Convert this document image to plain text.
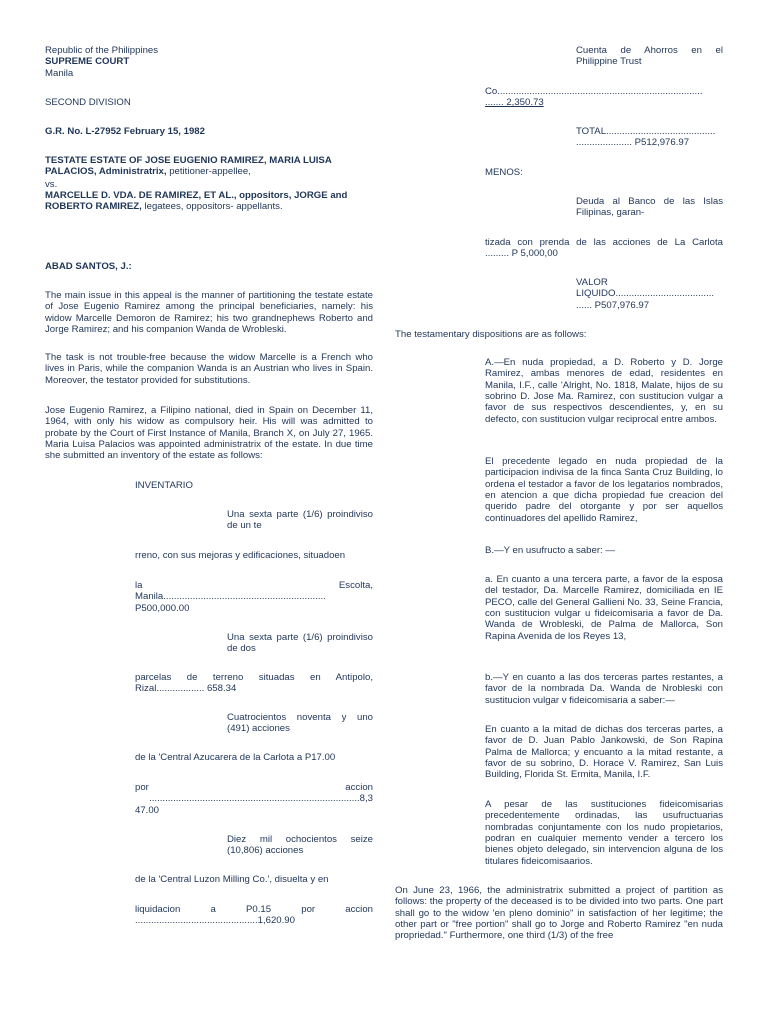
Republic of the Philippines

SUPREME COURT

Manila

SECOND DIVISION

G.R. No. L-27952 February 15, 1982

TESTATE ESTATE OF JOSE EUGENIO RAMIREZ, MARIA LUISA PALACIOS, Administratrix, petitioner-appellee,

vs.

MARCELLE D. VDA. DE RAMIREZ, ET AL., oppositors, JORGE and ROBERTO RAMIREZ, legatees, oppositors- appellants.

ABAD SANTOS, J.:

The main issue in this appeal is the manner of partitioning the testate estate of Jose Eugenio Ramirez among the principal beneficiaries, namely: his widow Marcelle Demoron de Ramirez; his two grandnephews Roberto and Jorge Ramirez; and his companion Wanda de Wrobleski.

The task is not trouble-free because the widow Marcelle is a French who lives in Paris, while the companion Wanda is an Austrian who lives in Spain. Moreover, the testator provided for substitutions.

Jose Eugenio Ramirez, a Filipino national, died in Spain on December 11, 1964, with only his widow as compulsory heir. His will was admitted to probate by the Court of First Instance of Manila, Branch X, on July 27, 1965. Maria Luisa Palacios was appointed administratrix of the estate. In due time she submitted an inventory of the estate as follows:

INVENTARIO

Una sexta parte (1/6) proindiviso de un te

rreno, con sus mejoras y edificaciones, situadoen

la Escolta,
Manila.............................................................
P500,000.00

Una sexta parte (1/6) proindiviso de dos

parcelas de terreno situadas en Antipolo,
Rizal.................. 658.34

Cuatrocientos noventa y uno (491) acciones

de la 'Central Azucarera de la Carlota a P17.00

por accion
...............................................................................8,3
47.00

Diez mil ochocientos seize (10,806) acciones

de la 'Central Luzon Milling Co.', disuelta y en

liquidacion a P0.15 por accion
..............................................1,620.90

Cuenta de Ahorros en el Philippine Trust

Co.............................................................................
....... 2,350.73

TOTAL.........................................
..................... P512,976.97

MENOS:

Deuda al Banco de las Islas Filipinas, garan-

tizada con prenda de las acciones de La Carlota
......... P 5,000,00

VALOR
LIQUIDO.....................................
...... P507,976.97

The testamentary dispositions are as follows:

A.—En nuda propiedad, a D. Roberto y D. Jorge Ramirez, ambas menores de edad, residentes en Manila, I.F., calle 'Alright, No. 1818, Malate, hijos de su sobrino D. Jose Ma. Ramirez, con sustitucion vulgar a favor de sus respectivos descendientes, y, en su defecto, con sustitucion vulgar reciprocal entre ambos.

El precedente legado en nuda propiedad de la participacion indivisa de la finca Santa Cruz Building, lo ordena el testador a favor de los legatarios nombrados, en atencion a que dicha propiedad fue creacion del querido padre del otorgante y por ser aquellos continuadores del apellido Ramirez,

B.—Y en usufructo a saber: —

a. En cuanto a una tercera parte, a favor de la esposa del testador, Da. Marcelle Ramirez, domiciliada en IE PECO, calle del General Gallieni No. 33, Seine Francia, con sustitucion vulgar u fideicomisaria a favor de Da. Wanda de Wrobleski, de Palma de Mallorca, Son Rapina Avenida de los Reyes 13,

b.—Y en cuanto a las dos terceras partes restantes, a favor de la nombrada Da. Wanda de Nrobleski con sustitucion vulgar v fideicomisaria a saber:—

En cuanto a la mitad de dichas dos terceras partes, a favor de D. Juan Pablo Jankowski, de Son Rapina Palma de Mallorca; y encuanto a la mitad restante, a favor de su sobrino, D. Horace V. Ramirez, San Luis Building, Florida St. Ermita, Manila, I.F.

A pesar de las sustituciones fideicomisarias precedentemente ordinadas, las usufructuarias nombradas conjuntamente con los nudo propietarios, podran en cualquier memento vender a tercero los bienes objeto delegado, sin intervencion alguna de los titulares fideicomisaarios.

On June 23, 1966, the administratrix submitted a project of partition as follows: the property of the deceased is to be divided into two parts. One part shall go to the widow 'en pleno dominio" in satisfaction of her legitime; the other part or "free portion" shall go to Jorge and Roberto Ramirez "en nuda propriedad." Furthermore, one third (1/3) of the free
